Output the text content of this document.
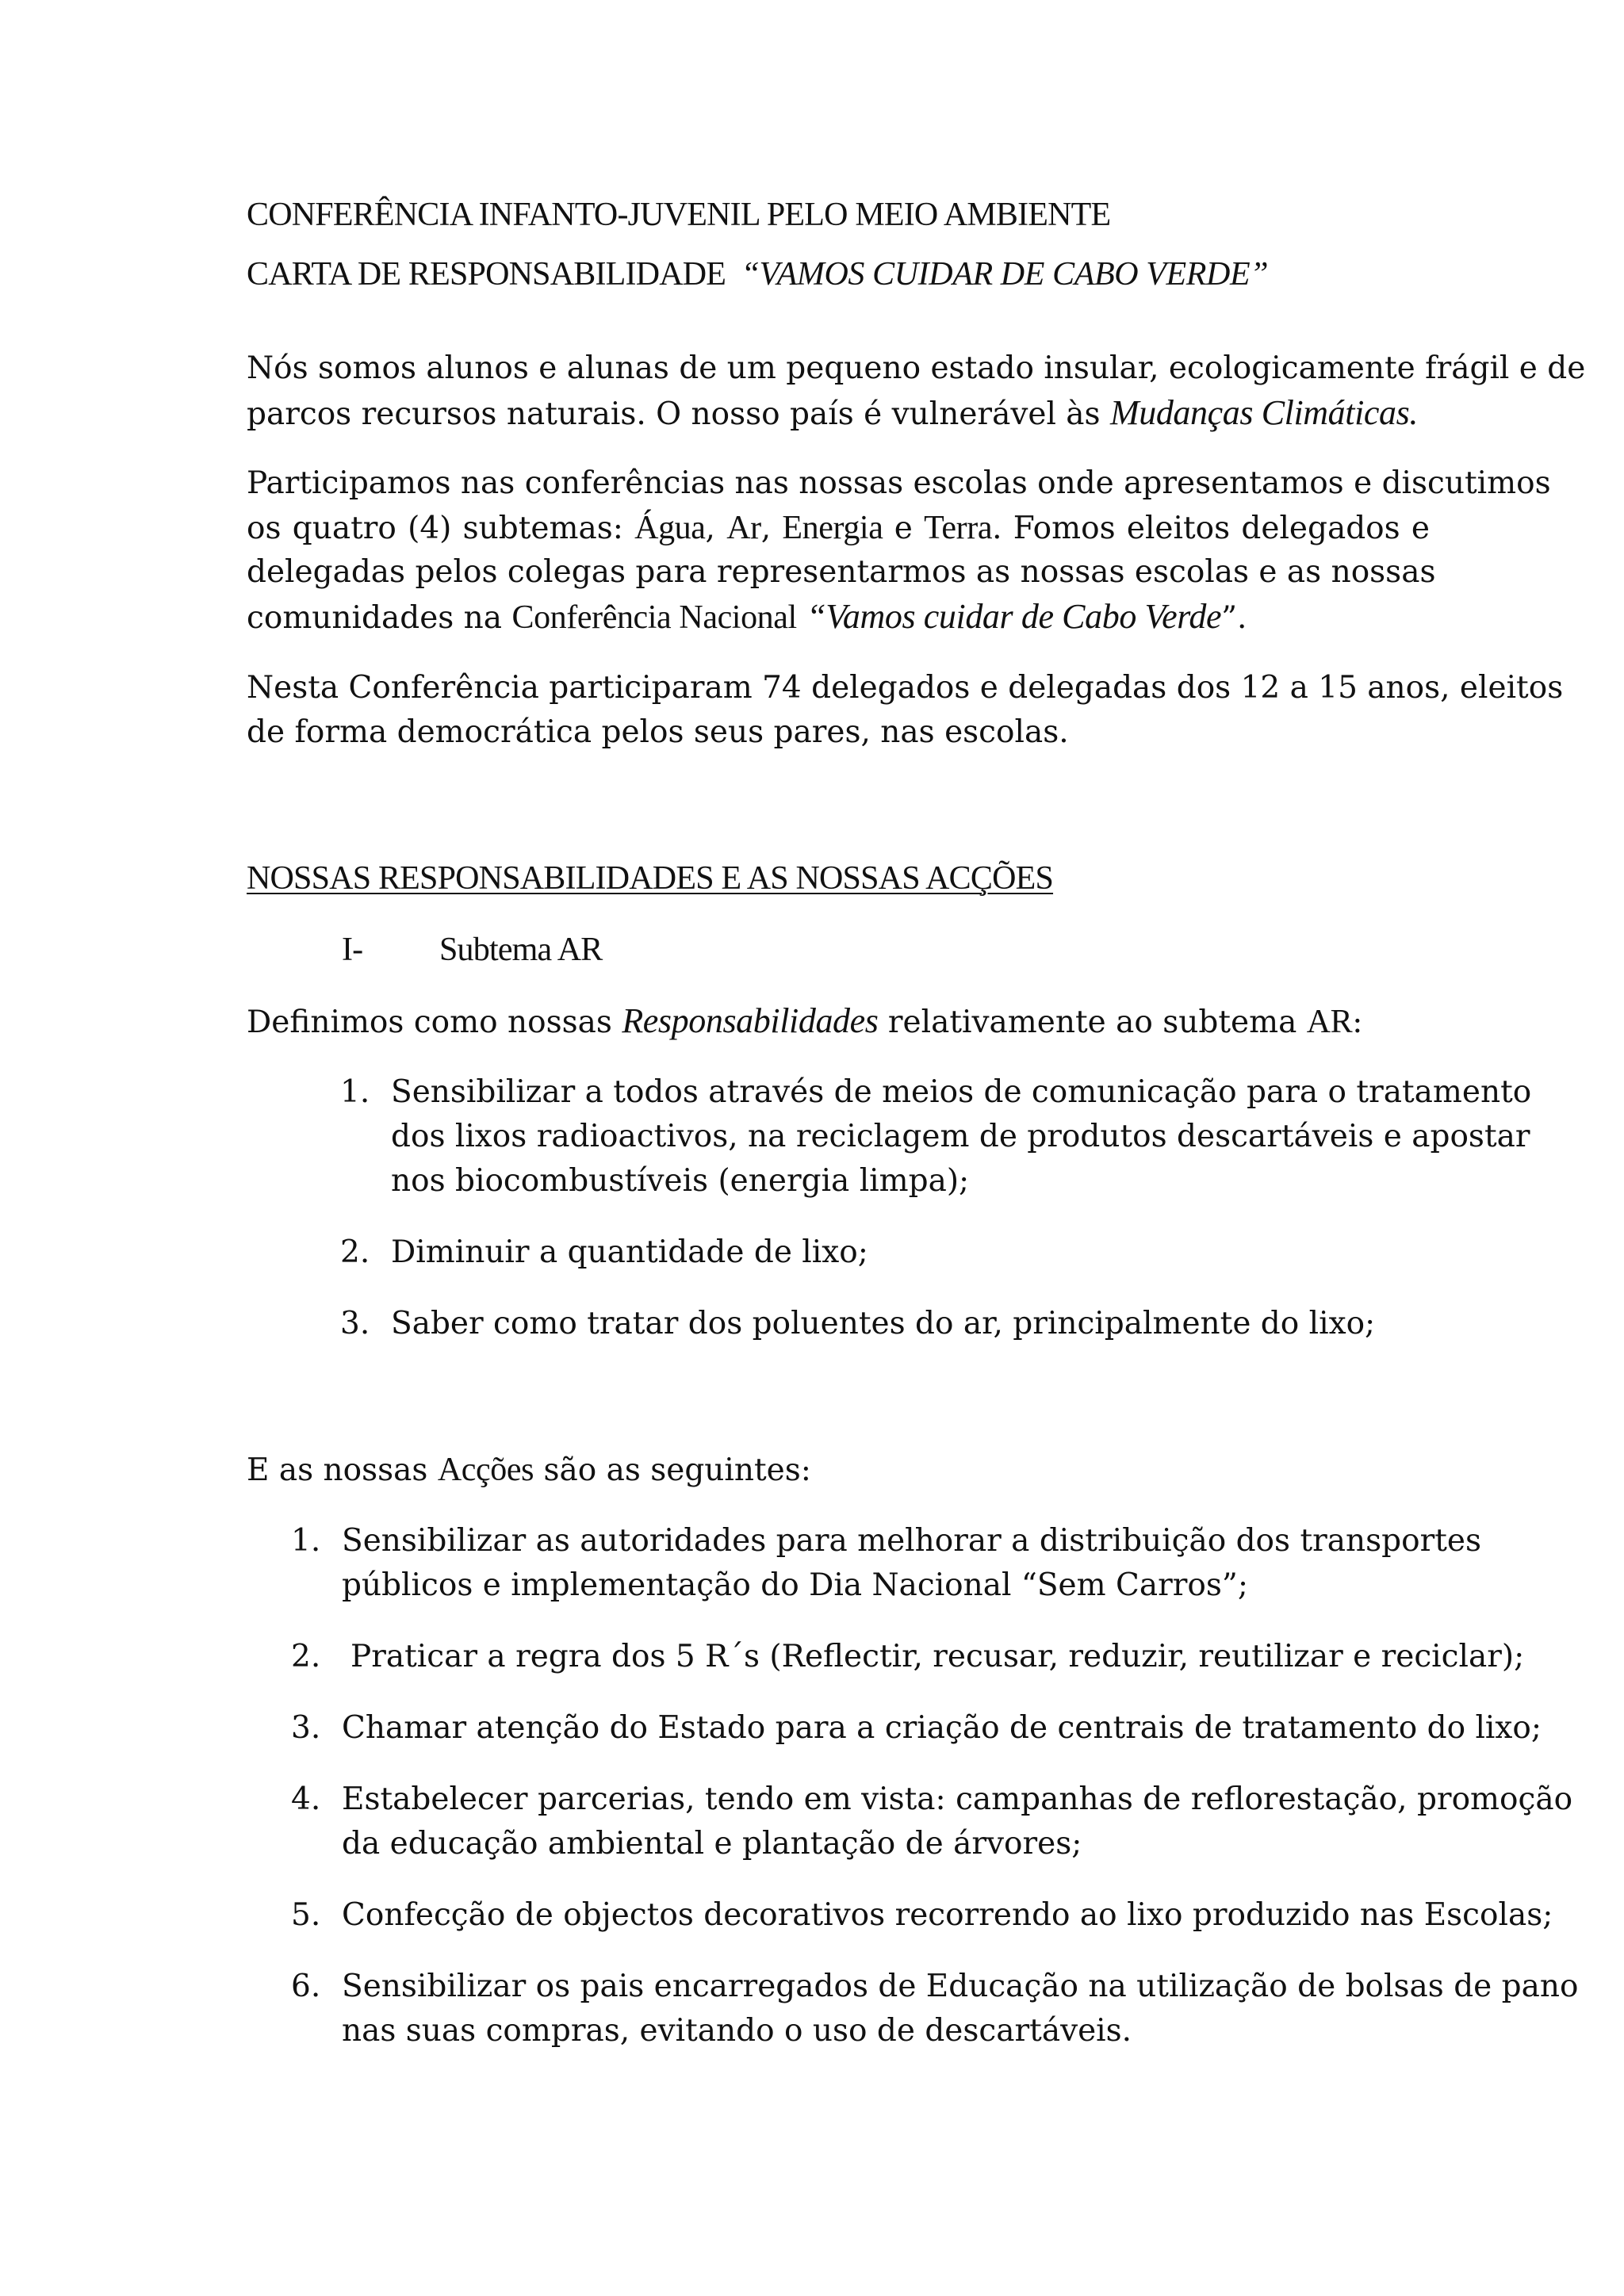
CONFERÊNCIA INFANTO-JUVENIL PELO MEIO AMBIENTE
CARTA DE RESPONSABILIDADE “VAMOS CUIDAR DE CABO VERDE”
Nós somos alunos e alunas de um pequeno estado insular, ecologicamente frágil e de
parcos recursos naturais. O nosso país é vulnerável às Mudanças Climáticas.
Participamos nas conferências nas nossas escolas onde apresentamos e discutimos
os quatro (4) subtemas: Água, Ar, Energia e Terra. Fomos eleitos delegados e
delegadas pelos colegas para representarmos as nossas escolas e as nossas
comunidades na Conferência Nacional “Vamos cuidar de Cabo Verde”.
Nesta Conferência participaram 74 delegados e delegadas dos 12 a 15 anos, eleitos
de forma democrática pelos seus pares, nas escolas.
NOSSAS RESPONSABILIDADES E AS NOSSAS ACÇÕES
I- Subtema AR
Definimos como nossas Responsabilidades relativamente ao subtema AR:
1. Sensibilizar a todos através de meios de comunicação para o tratamento
dos lixos radioactivos, na reciclagem de produtos descartáveis e apostar
nos biocombustíveis (energia limpa);
2. Diminuir a quantidade de lixo;
3. Saber como tratar dos poluentes do ar, principalmente do lixo;
E as nossas Acções são as seguintes:
1. Sensibilizar as autoridades para melhorar a distribuição dos transportes
públicos e implementação do Dia Nacional “Sem Carros”;
2. Praticar a regra dos 5 R´s (Reflectir, recusar, reduzir, reutilizar e reciclar);
3. Chamar atenção do Estado para a criação de centrais de tratamento do lixo;
4. Estabelecer parcerias, tendo em vista: campanhas de reflorestação, promoção
da educação ambiental e plantação de árvores;
5. Confecção de objectos decorativos recorrendo ao lixo produzido nas Escolas;
6. Sensibilizar os pais encarregados de Educação na utilização de bolsas de pano
nas suas compras, evitando o uso de descartáveis.
